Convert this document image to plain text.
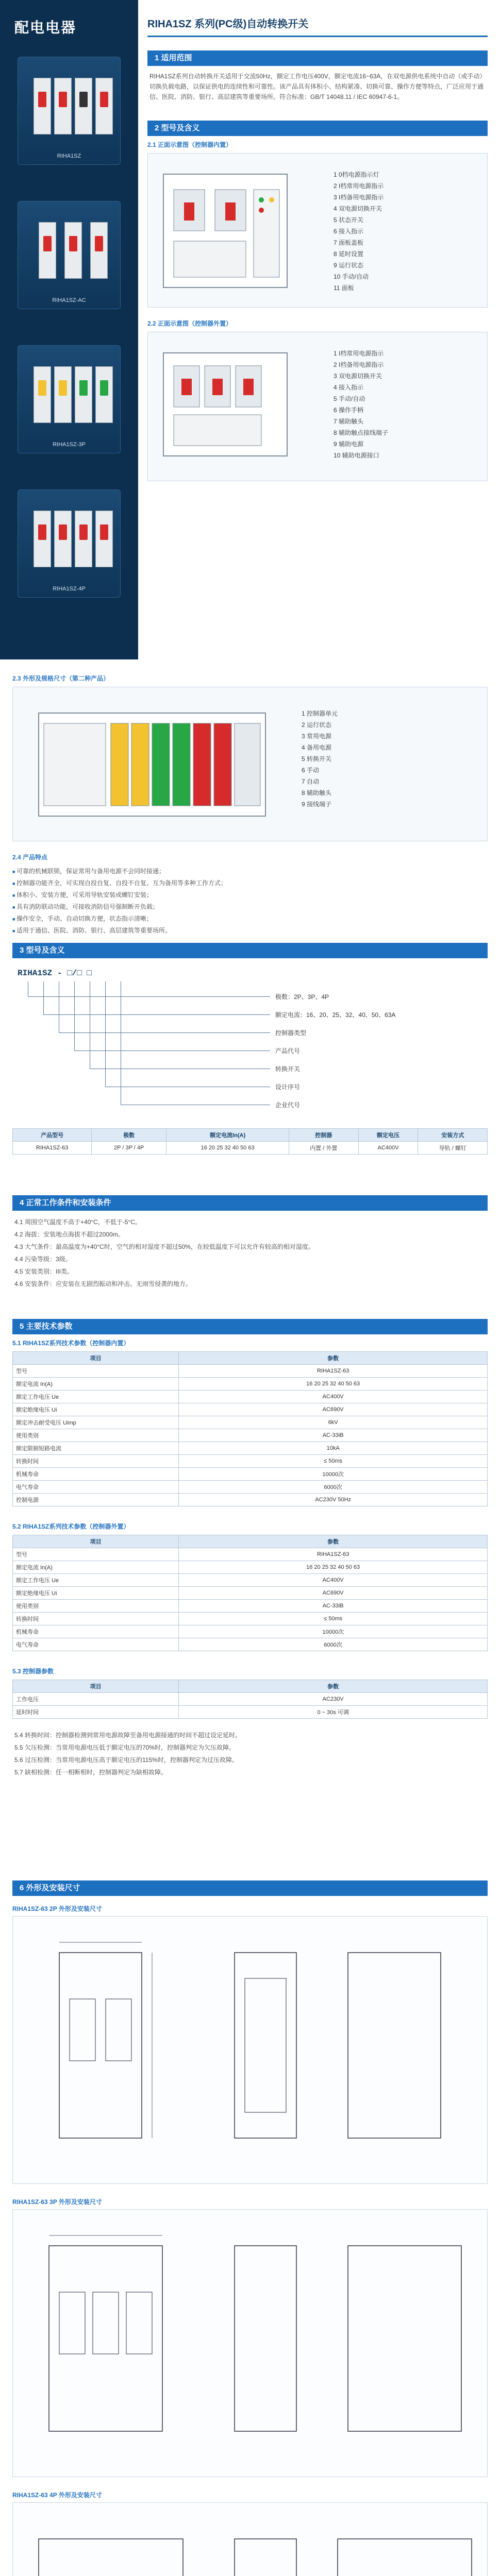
配电电器
RIHA1SZ
RIHA1SZ-AC
RIHA1SZ-3P
RIHA1SZ-4P
RIHA1SZ 系列(PC级)自动转换开关
1 适用范围
RIHA1SZ系列自动转换开关适用于交流50Hz，额定工作电压400V，额定电流16~63A，在双电源供电系统中自动（或手动）切换负载电路，以保证供电的连续性和可靠性。该产品具有体积小、结构紧凑、切换可靠、操作方便等特点，广泛应用于通信、医院、消防、银行、高层建筑等重要场所。符合标准：GB/T 14048.11 / IEC 60947-6-1。
2 型号及含义
2.1 正面示意图（控制器内置）
1 0档电源指示灯
2 I档常用电源指示
3 I档备用电源指示
4 双电源切换开关
5 状态开关
6 接入指示
7 面板盖板
8 延时设置
9 运行状态
10 手动/自动
11 面板
2.2 正面示意图（控制器外置）
1 I档常用电源指示
2 I档备用电源指示
3 双电源切换开关
4 接入指示
5 手动/自动
6 操作手柄
7 辅助触头
8 辅助触点接线端子
9 辅助电源
10 辅助电源接口
2.3 外形及规格尺寸（第二种产品）
1 控制器单元
2 运行状态
3 常用电源
4 备用电源
5 转换开关
6 手动
7 自动
8 辅助触头
9 接线端子
2.4 产品特点
■ 可靠的机械联锁，保证常用与备用电源不会同时接通；
■ 控制器功能齐全，可实现自投自复、自投不自复、互为备用等多种工作方式；
■ 体积小、安装方便，可采用导轨安装或螺钉安装；
■ 具有消防联动功能，可接收消防信号强制断开负载；
■ 操作安全，手动、自动切换方便，状态指示清晰；
■ 适用于通信、医院、消防、银行、高层建筑等重要场所。
3 型号及含义
RIHA1SZ - □/□ □
极数：2P、3P、4P
额定电流：16、20、25、32、40、50、63A
控制器类型
产品代号
转换开关
设计序号
企业代号
产品型号	极数	额定电流In(A)	控制器	额定电压	安装方式
RIHA1SZ-63	2P / 3P / 4P	16 20 25 32 40 50 63	内置 / 外置	AC400V	导轨 / 螺钉
4 正常工作条件和安装条件
4.1 周围空气温度不高于+40°C，不低于-5°C。
4.2 海拔：安装地点海拔不超过2000m。
4.3 大气条件：最高温度为+40°C时，空气的相对湿度不超过50%，在较低温度下可以允许有较高的相对湿度。
4.4 污染等级：3级。
4.5 安装类别：III类。
4.6 安装条件：应安装在无剧烈振动和冲击、无雨雪侵袭的地方。
5 主要技术参数
5.1 RIHA1SZ系列技术参数（控制器内置）
项目	参数
型号	RIHA1SZ-63
额定电流 In(A)	16 20 25 32 40 50 63
额定工作电压 Ue	AC400V
额定绝缘电压 Ui	AC690V
额定冲击耐受电压 Uimp	6kV
使用类别	AC-33iB
额定限制短路电流	10kA
转换时间	≤ 50ms
机械寿命	10000次
电气寿命	6000次
控制电源	AC230V 50Hz
5.2 RIHA1SZ系列技术参数（控制器外置）
项目	参数
型号	RIHA1SZ-63
额定电流 In(A)	16 20 25 32 40 50 63
额定工作电压 Ue	AC400V
额定绝缘电压 Ui	AC690V
使用类别	AC-33iB
转换时间	≤ 50ms
机械寿命	10000次
电气寿命	6000次
5.3 控制器参数
项目	参数
工作电压	AC230V
延时时间	0 ~ 30s 可调
5.4 转换时间：控制器检测到常用电源故障至备用电源接通的时间不超过设定延时。
5.5 欠压检测：当常用电源电压低于额定电压的70%时，控制器判定为欠压故障。
5.6 过压检测：当常用电源电压高于额定电压的115%时，控制器判定为过压故障。
5.7 缺相检测：任一相断相时，控制器判定为缺相故障。
6 外形及安装尺寸
RIHA1SZ-63 2P 外形及安装尺寸
RIHA1SZ-63 3P 外形及安装尺寸
RIHA1SZ-63 4P 外形及安装尺寸
